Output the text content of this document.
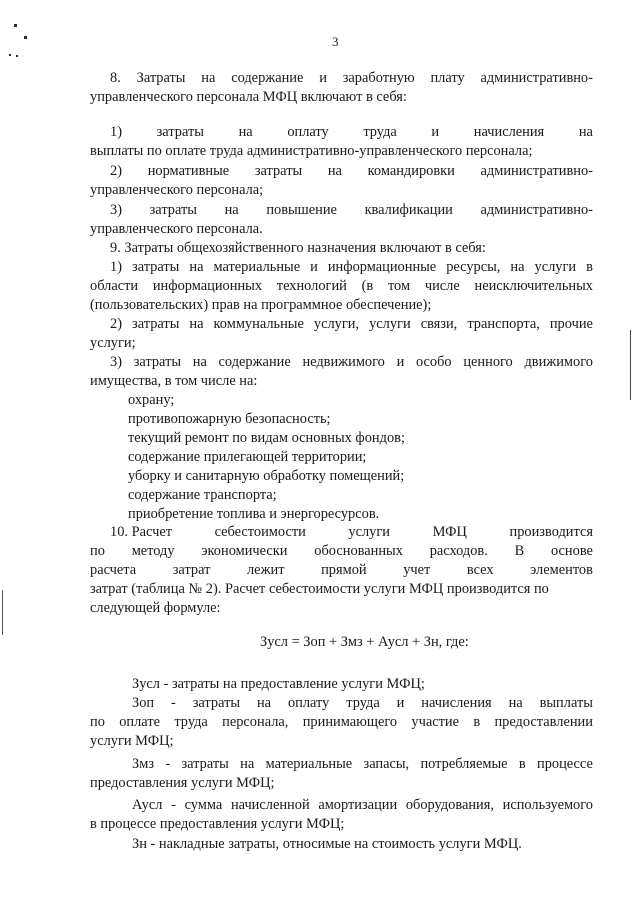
3
8. Затраты на содержание и заработную плату административно-
управленческого персонала МФЦ включают в себя:
1) затраты на оплату труда и начисления на
выплаты по оплате труда административно-управленческого персонала;
2) нормативные затраты на командировки административно-
управленческого персонала;
3) затраты на повышение квалификации административно-
управленческого персонала.
9. Затраты общехозяйственного назначения включают в себя:
1) затраты на материальные и информационные ресурсы, на услуги в
области информационных технологий (в том числе неисключительных
(пользовательских) прав на программное обеспечение);
2) затраты на коммунальные услуги, услуги связи, транспорта, прочие
услуги;
3) затраты на содержание недвижимого и особо ценного движимого
имущества, в том числе на:
охрану;
противопожарную безопасность;
текущий ремонт по видам основных фондов;
содержание прилегающей территории;
уборку и санитарную обработку помещений;
содержание транспорта;
приобретение топлива и энергоресурсов.
10. Расчет	себестоимости	услуги	МФЦ	производится
по методу экономически обоснованных расходов. В основе
расчета	затрат	лежит	прямой	учет	всех	элементов
затрат (таблица № 2). Расчет себестоимости услуги МФЦ производится по
следующей формуле:
Зусл = Зоп + Змз + Аусл + Зн, где:
Зусл - затраты на предоставление услуги МФЦ;
Зоп - затраты на оплату труда и начисления на выплаты
по оплате труда персонала, принимающего участие в предоставлении
услуги МФЦ;
Змз - затраты на материальные запасы, потребляемые в процессе
предоставления услуги МФЦ;
Аусл - сумма начисленной амортизации оборудования, используемого
в процессе предоставления услуги МФЦ;
Зн - накладные затраты, относимые на стоимость услуги МФЦ.
